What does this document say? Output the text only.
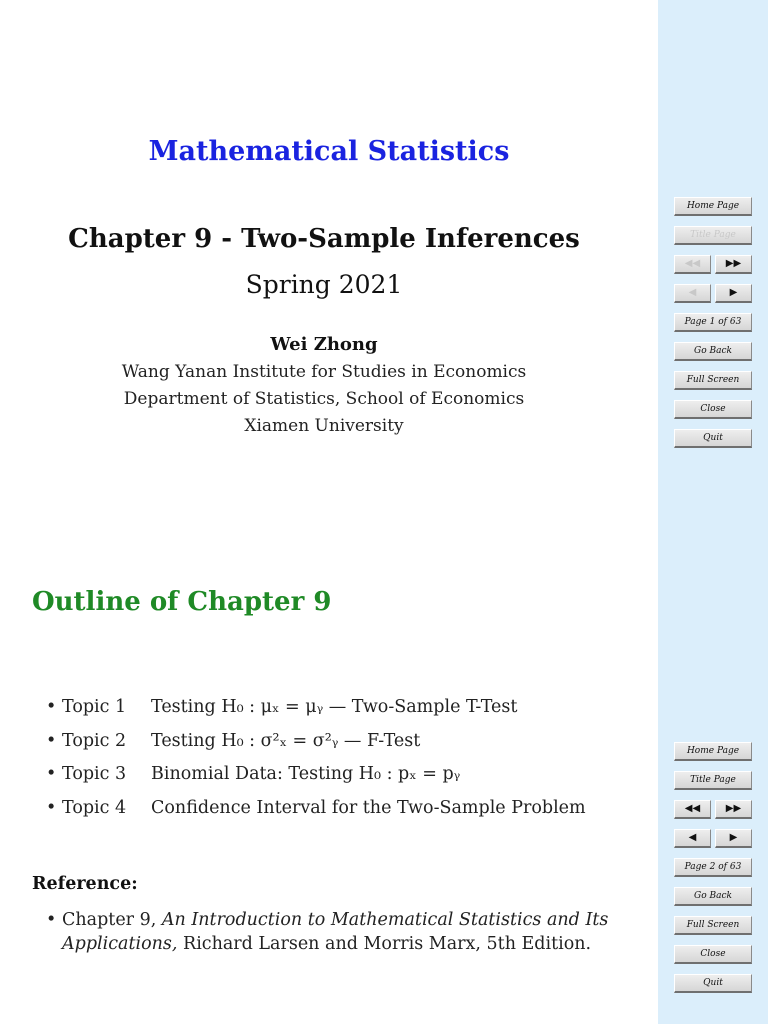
Mathematical Statistics
Chapter 9 - Two-Sample Inferences
Spring 2021
Wei Zhong
Wang Yanan Institute for Studies in Economics
Department of Statistics, School of Economics
Xiamen University
Outline of Chapter 9
• Topic 1	Testing H₀ : μₓ = μᵧ — Two-Sample T-Test
• Topic 2	Testing H₀ : σ²ₓ = σ²ᵧ — F-Test
• Topic 3	Binomial Data: Testing H₀ : pₓ = pᵧ
• Topic 4	Confidence Interval for the Two-Sample Problem
Reference:
• Chapter 9, An Introduction to Mathematical Statistics and Its Applications, Richard Larsen and Morris Marx, 5th Edition.
Home Page
Title Page
◀◀	▶▶
◀	▶
Page 1 of 63
Go Back
Full Screen
Close
Quit
Home Page
Title Page
◀◀	▶▶
◀	▶
Page 2 of 63
Go Back
Full Screen
Close
Quit
